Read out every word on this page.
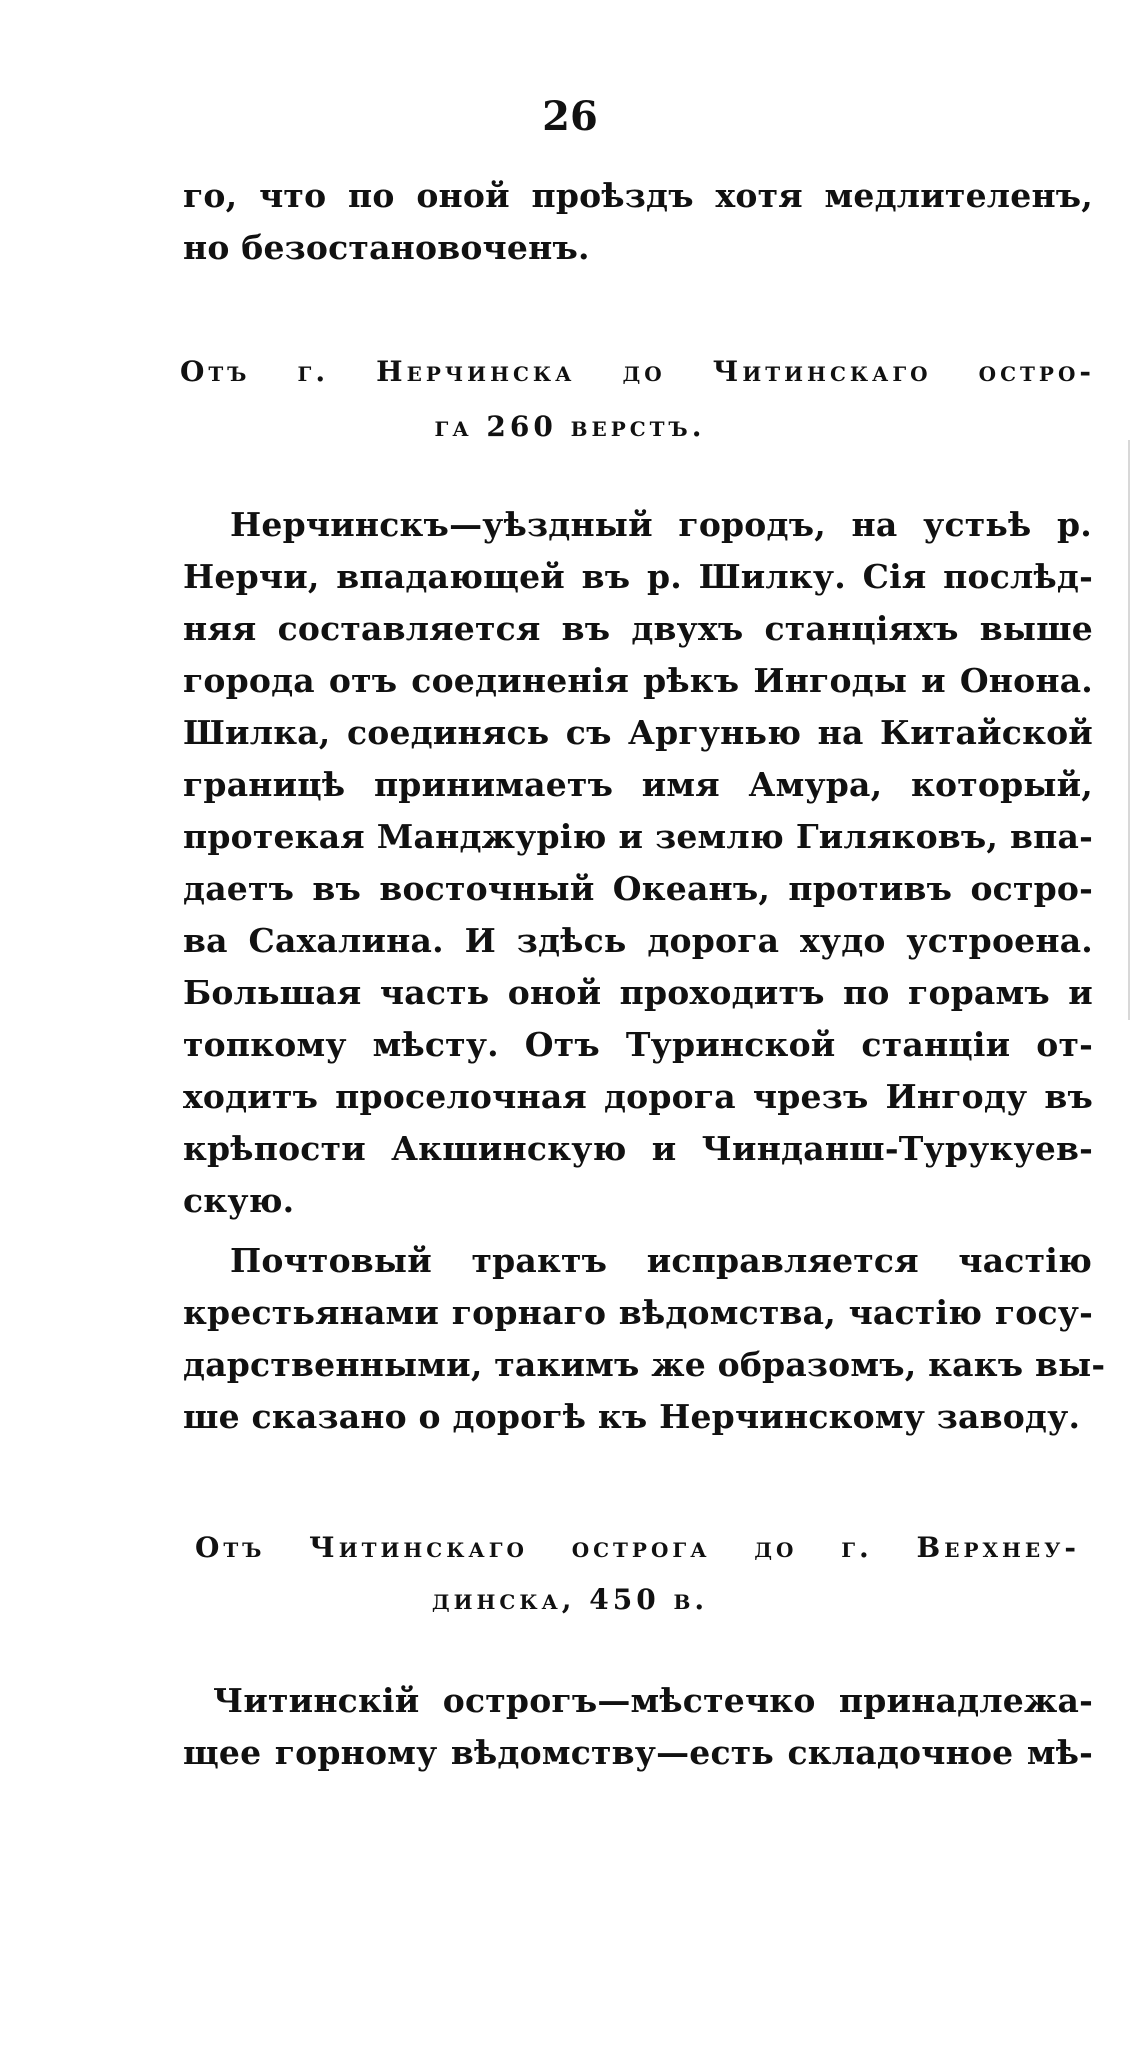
26
го, что по оной проѣздъ хотя медлителенъ,
но безостановоченъ.
Отъ г. Нерчинска до Читинскаго остро-
га 260 верстъ.
Нерчинскъ—уѣздный городъ, на устьѣ р.
Нерчи, впадающей въ р. Шилку. Сія послѣд-
няя составляется въ двухъ станціяхъ выше
города отъ соединенія рѣкъ Ингоды и Онона.
Шилка, соединясь съ Аргунью на Китайской
границѣ принимаетъ имя Амура, который,
протекая Манджурію и землю Гиляковъ, впа-
даетъ въ восточный Океанъ, противъ остро-
ва Сахалина. И здѣсь дорога худо устроена.
Большая часть оной проходитъ по горамъ и
топкому мѣсту. Отъ Туринской станціи от-
ходитъ проселочная дорога чрезъ Ингоду въ
крѣпости Акшинскую и Чинданш-Турукуев-
скую.
Почтовый трактъ исправляется частію
крестьянами горнаго вѣдомства, частію госу-
дарственными, такимъ же образомъ, какъ вы-
ше сказано о дорогѣ къ Нерчинскому заводу.
Отъ Читинскаго острога до г. Верхнеу-
динска, 450 в.
Читинскій острогъ—мѣстечко принадлежа-
щее горному вѣдомству—есть складочное мѣ-
